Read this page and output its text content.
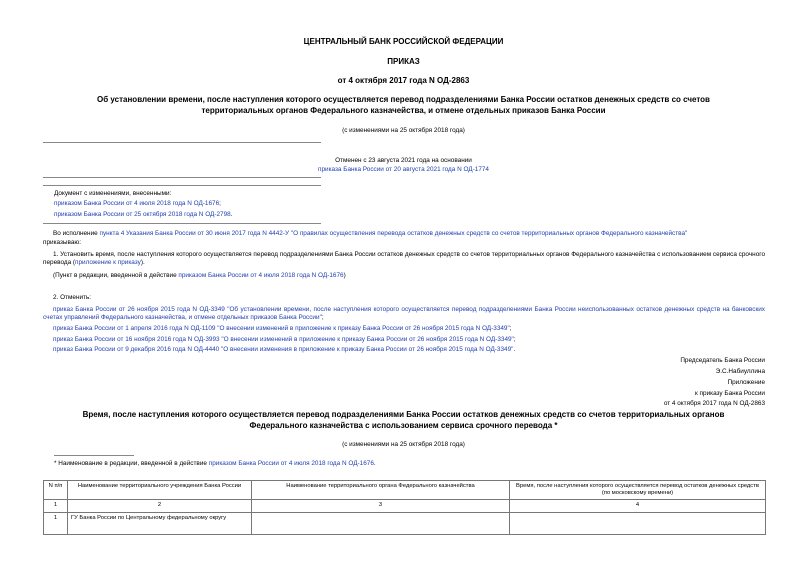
ЦЕНТРАЛЬНЫЙ БАНК РОССИЙСКОЙ ФЕДЕРАЦИИ
ПРИКАЗ
от 4 октября 2017 года N ОД-2863
Об установлении времени, после наступления которого осуществляется перевод подразделениями Банка России остатков денежных средств со счетов
территориальных органов Федерального казначейства, и отмене отдельных приказов Банка России
(с изменениями на 25 октября 2018 года)
Отменен с 23 августа 2021 года на основании
приказа Банка России от 20 августа 2021 года N ОД-1774
Документ с изменениями, внесенными:
приказом Банка России от 4 июля 2018 года N ОД-1676;
приказом Банка России от 25 октября 2018 года N ОД-2798.
Во исполнение пункта 4 Указания Банка России от 30 июня 2017 года N 4442-У "О правилах осуществления перевода остатков денежных средств со счетов территориальных органов Федерального казначейства"
приказываю:
1. Установить время, после наступления которого осуществляется перевод подразделениями Банка России остатков денежных средств со счетов территориальных органов Федерального казначейства с использованием сервиса срочного перевода (приложение к приказу).
(Пункт в редакции, введенной в действие приказом Банка России от 4 июля 2018 года N ОД-1676)
2. Отменить:
приказ Банка России от 26 ноября 2015 года N ОД-3349 "Об установлении времени, после наступления которого осуществляется перевод подразделениями Банка России неиспользованных остатков денежных средств на банковских счетах управлений Федерального казначейства, и отмене отдельных приказов Банка России";
приказ Банка России от 1 апреля 2016 года N ОД-1109 "О внесении изменений в приложение к приказу Банка России от 26 ноября 2015 года N ОД-3349";
приказ Банка России от 16 ноября 2016 года N ОД-3993 "О внесении изменений в приложение к приказу Банка России от 26 ноября 2015 года N ОД-3349";
приказ Банка России от 9 декабря 2016 года N ОД-4440 "О внесении изменения в приложение к приказу Банка России от 26 ноября 2015 года N ОД-3349".
Председатель Банка России
Э.С.Набиуллина
Приложение
к приказу Банка России
от 4 октября 2017 года N ОД-2863
Время, после наступления которого осуществляется перевод подразделениями Банка России остатков денежных средств со счетов территориальных органов
Федерального казначейства с использованием сервиса срочного перевода *
(с изменениями на 25 октября 2018 года)
* Наименование в редакции, введенной в действие приказом Банка России от 4 июля 2018 года N ОД-1676.
N п/п	Наименование территориального учреждения Банка России	Наименование территориального органа Федерального казначейства	Время, после наступления которого осуществляется перевод остатков денежных средств (по московскому времени)
1	2	3	4
1	ГУ Банка России по Центральному федеральному округу		
